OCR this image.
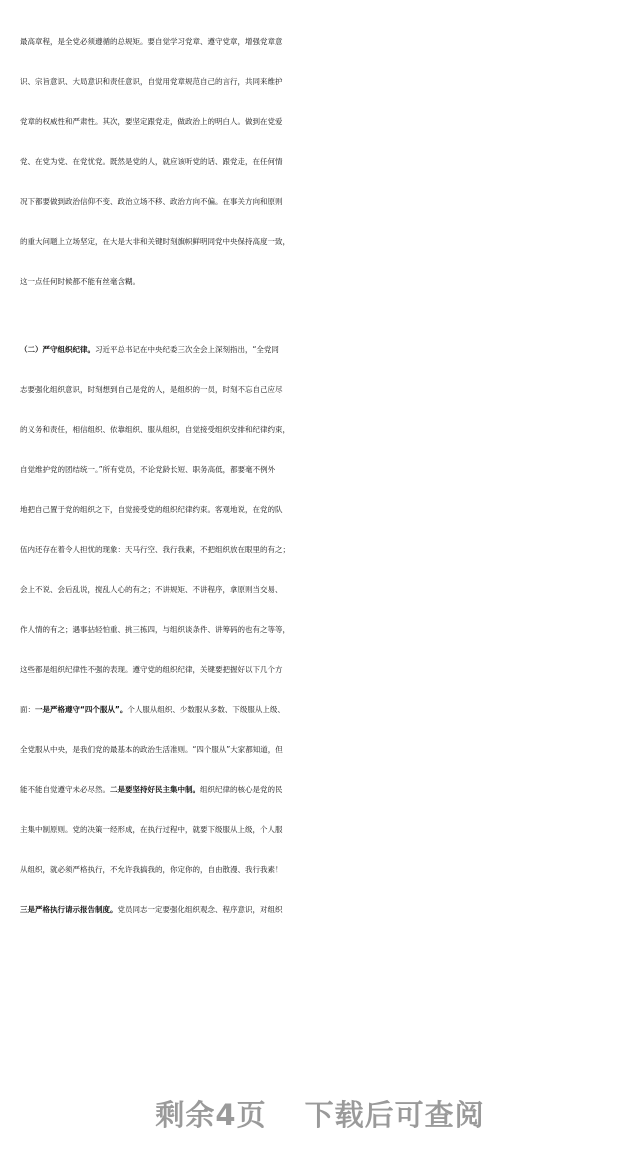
最高章程，是全党必须遵循的总规矩。要自觉学习党章、遵守党章，增强党章意
识、宗旨意识、大局意识和责任意识，自觉用党章规范自己的言行，共同来维护
党章的权威性和严肃性。其次，要坚定跟党走，做政治上的明白人。做到在党爱
党、在党为党、在党忧党。既然是党的人，就应该听党的话、跟党走，在任何情
况下都要做到政治信仰不变、政治立场不移、政治方向不偏。在事关方向和原则
的重大问题上立场坚定，在大是大非和关键时刻旗帜鲜明同党中央保持高度一致，
这一点任何时候都不能有丝毫含糊。
（二）严守组织纪律。习近平总书记在中央纪委三次全会上深刻指出，“全党同
志要强化组织意识，时刻想到自己是党的人，是组织的一员，时刻不忘自己应尽
的义务和责任，相信组织、依靠组织、服从组织，自觉接受组织安排和纪律约束，
自觉维护党的团结统一。”所有党员，不论党龄长短、职务高低，都要毫不例外
地把自己置于党的组织之下，自觉接受党的组织纪律约束。客观地说，在党的队
伍内还存在着令人担忧的现象：天马行空、我行我素，不把组织放在眼里的有之；
会上不说、会后乱说，搅乱人心的有之；不讲规矩、不讲程序，拿原则当交易、
作人情的有之；遇事拈轻怕重、挑三拣四，与组织谈条件、讲筹码的也有之等等，
这些都是组织纪律性不强的表现。遵守党的组织纪律，关键要把握好以下几个方
面：一是严格遵守“四个服从”。个人服从组织、少数服从多数、下级服从上级、
全党服从中央，是我们党的最基本的政治生活准则。“四个服从”大家都知道，但
能不能自觉遵守未必尽然。二是要坚持好民主集中制。组织纪律的核心是党的民
主集中制原则。党的决策一经形成，在执行过程中，就要下级服从上级，个人服
从组织，就必须严格执行，不允许我搞我的，你定你的，自由散漫、我行我素！
三是严格执行请示报告制度。党员同志一定要强化组织观念、程序意识，对组织
剩余4页 下载后可查阅
